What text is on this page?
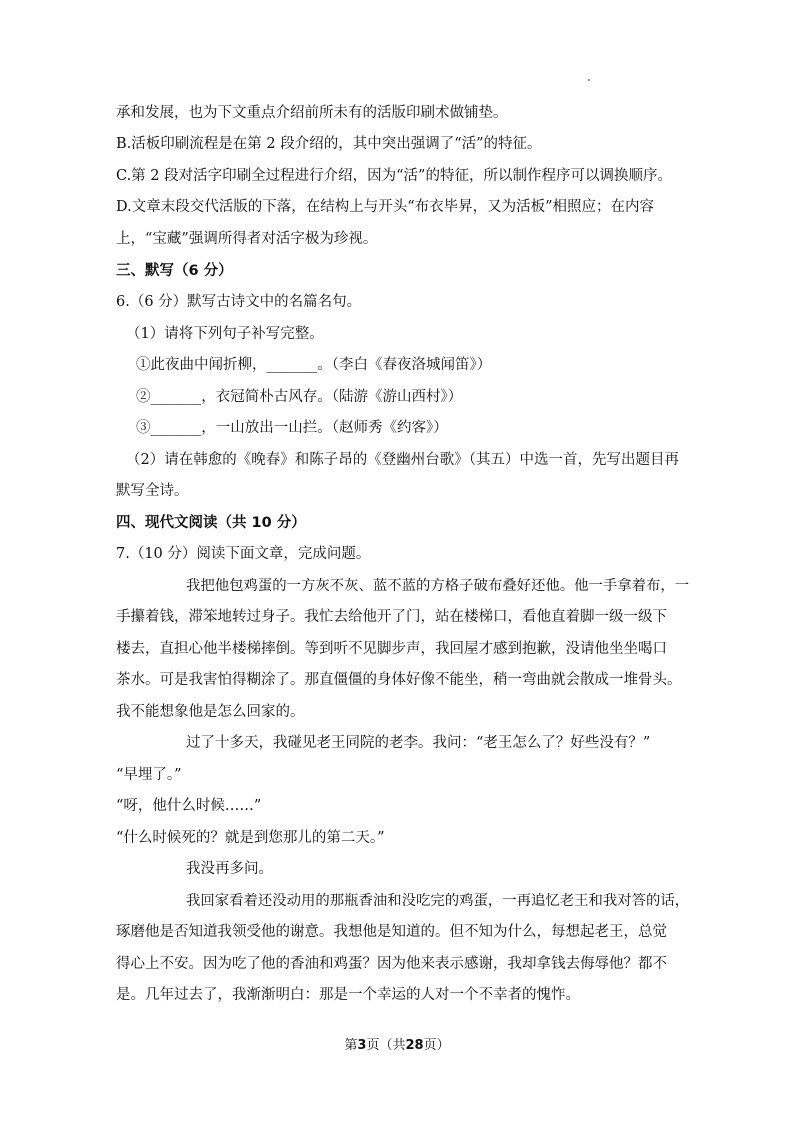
承和发展，也为下文重点介绍前所未有的活版印刷术做铺垫。
B.活板印刷流程是在第 2 段介绍的，其中突出强调了“活”的特征。
C.第 2 段对活字印刷全过程进行介绍，因为“活”的特征，所以制作程序可以调换顺序。
D.文章末段交代活版的下落，在结构上与开头“布衣毕昇，又为活板”相照应；在内容
上，“宝藏”强调所得者对活字极为珍视。
三、默写（6 分）
6.（6 分）默写古诗文中的名篇名句。
（1）请将下列句子补写完整。
①此夜曲中闻折柳，_______。（李白《春夜洛城闻笛》）
②_______，衣冠简朴古风存。（陆游《游山西村》）
③_______，一山放出一山拦。（赵师秀《约客》）
（2）请在韩愈的《晚春》和陈子昂的《登幽州台歌》（其五）中选一首，先写出题目再
默写全诗。
四、现代文阅读（共 10 分）
7.（10 分）阅读下面文章，完成问题。
我把他包鸡蛋的一方灰不灰、蓝不蓝的方格子破布叠好还他。他一手拿着布，一
手攥着钱，滞笨地转过身子。我忙去给他开了门，站在楼梯口，看他直着脚一级一级下
楼去，直担心他半楼梯摔倒。等到听不见脚步声，我回屋才感到抱歉，没请他坐坐喝口
茶水。可是我害怕得糊涂了。那直僵僵的身体好像不能坐，稍一弯曲就会散成一堆骨头。
我不能想象他是怎么回家的。
过了十多天，我碰见老王同院的老李。我问：“老王怎么了？好些没有？”
“早埋了。”
“呀，他什么时候……”
“什么时候死的？就是到您那儿的第二天。”
我没再多问。
我回家看着还没动用的那瓶香油和没吃完的鸡蛋，一再追忆老王和我对答的话，
琢磨他是否知道我领受他的谢意。我想他是知道的。但不知为什么，每想起老王，总觉
得心上不安。因为吃了他的香油和鸡蛋？因为他来表示感谢，我却拿钱去侮辱他？都不
是。几年过去了，我渐渐明白：那是一个幸运的人对一个不幸者的愧怍。
第3页（共28页）
